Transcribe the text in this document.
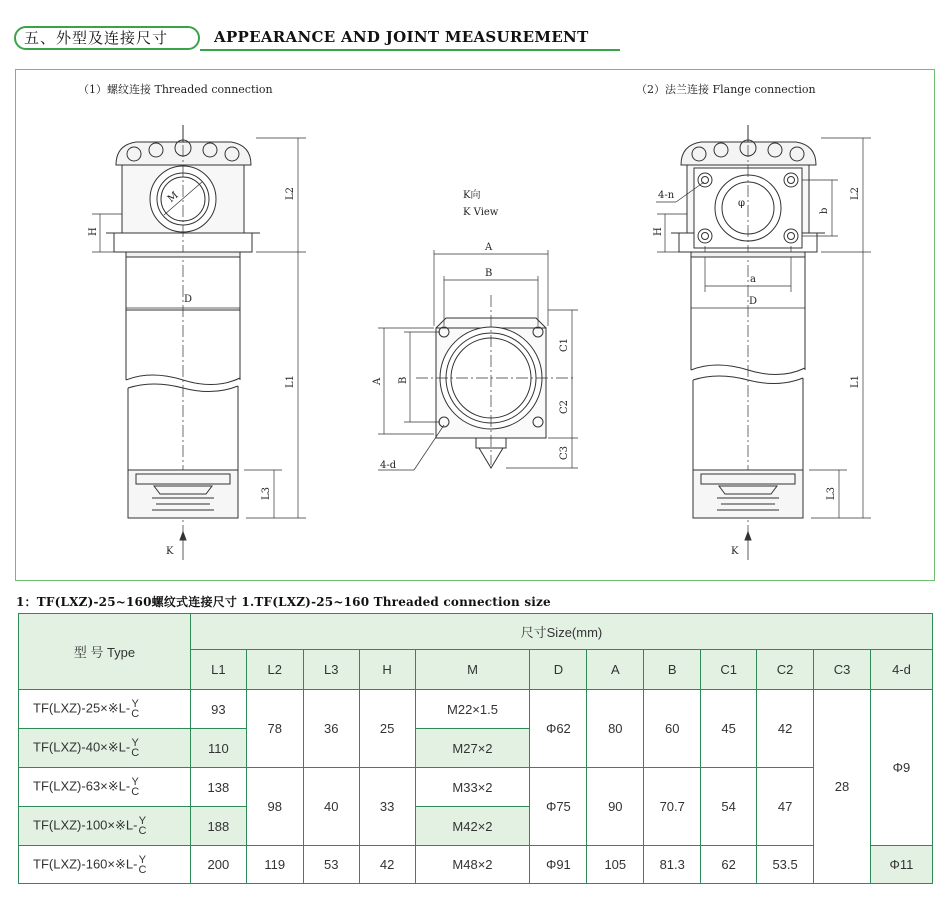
五、外型及连接尺寸	APPEARANCE AND JOINT MEASUREMENT
（1）螺纹连接 Threaded connection	（2）法兰连接 Flange connection
M	L2
L1
L3
H
D
K
K向
K View
A
B
A B
C1
C2
C3
4-d
φ
4-n
b
a
D
L2
L1
L3
H
K
1：TF(LXZ)-25~160螺纹式连接尺寸 1.TF(LXZ)-25~160 Threaded connection size
型 号 Type	尺寸Size(mm)											
	L1	L2	L3	H	M	D	A	B	C1	C2	C3	4-d
TF(LXZ)-25×※L- Y
C	93	78	36	25	M22×1.5	Φ62	80	60	45	42	28	Φ9
TF(LXZ)-40×※L- Y
C	110				M27×2							
TF(LXZ)-63×※L- Y
C	138	98	40	33	M33×2	Φ75	90	70.7	54	47		
TF(LXZ)-100×※L- Y
C	188				M42×2							
TF(LXZ)-160×※L- Y
C	200	119	53	42	M48×2	Φ91	105	81.3	62	53.5		Φ11
